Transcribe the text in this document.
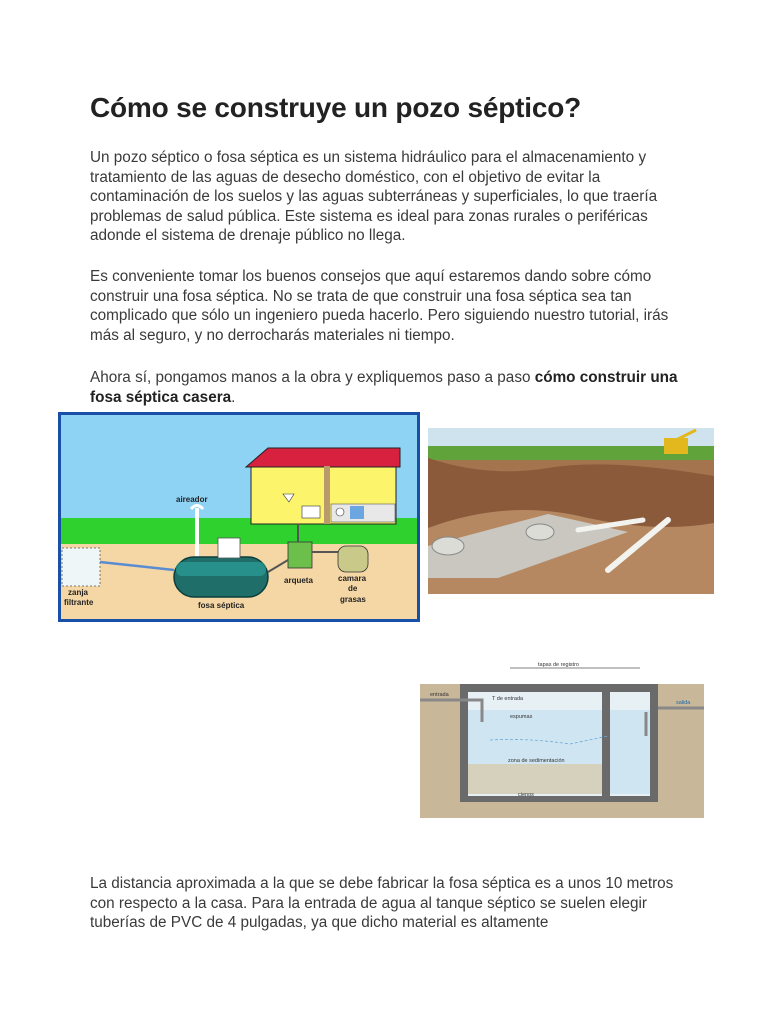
Cómo se construye un pozo séptico?

Un pozo séptico o fosa séptica es un sistema hidráulico para el almacenamiento y tratamiento de las aguas de desecho doméstico, con el objetivo de evitar la contaminación de los suelos y las aguas subterráneas y superficiales, lo que traería problemas de salud pública. Este sistema es ideal para zonas rurales o periféricas adonde el sistema de drenaje público no llega.

Es conveniente tomar los buenos consejos que aquí estaremos dando sobre cómo construir una fosa séptica. No se trata de que construir una fosa séptica sea tan complicado que sólo un ingeniero pueda hacerlo. Pero siguiendo nuestro tutorial, irás más al seguro, y no derrocharás materiales ni tiempo.

Ahora sí, pongamos manos a la obra y expliquemos paso a paso cómo construir una fosa séptica casera.

aireador
zanja
filtrante	fosa séptica
arqueta	camara
de
grasas
tapas de registro
entrada
T de entrada
espumas
salida
zona de sedimentación
cienos

La distancia aproximada a la que se debe fabricar la fosa séptica es a unos 10 metros con respecto a la casa. Para la entrada de agua al tanque séptico se suelen elegir tuberías de PVC de 4 pulgadas, ya que dicho material es altamente
